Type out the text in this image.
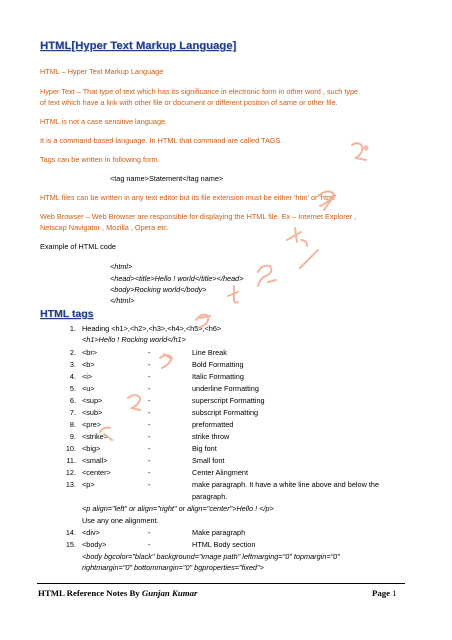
HTML[Hyper Text Markup Language]
HTML – Hyper Text Markup Language
Hyper Text – That type of text which has its significance in electronic form in other word , such type
of text which have a link with other file or document or different position of same or other file.
HTML is not a case sensitive language.
It is a command based language. In HTML that command are called TAGS.
Tags can be written in following form.
<tag name>Statement</tag name>
HTML files can be written in any text editor but its file extension must be either 'htm' or 'html'
Web Browser – Web Browser are responsible for displaying the HTML file. Ex – Internet Explorer ,
Netscap Navigator , Mozilla , Opera etc.
Example of HTML code
<html>
<head><title>Hello ! world</title></head>
<body>Rocking world</body>
</html>
HTML tags
1. Heading <h1>,<h2>,<h3>,<h4>,<h5>,<h6>
<h1>Hello ! Rocking world</h1>
2. <br>	-	Line Break
3. <b>	-	Bold Formatting
4. <i>	-	Italic Formatting
5. <u>	-	underline Formatting
6. <sup>	-	superscript Formatting
7. <sub>	-	subscript Formatting
8. <pre>	-	preformatted
9. <strike>	-	strike throw
10. <big>	-	Big font
11. <small>	-	Small font
12. <center>	-	Center Alingment
13. <p>	-	make paragraph. It have a white line above and below the
paragraph.
<p align="left" or align="right" or align="center">Hello ! </p>
Use any one alignment.
14. <div>	-	Make paragraph
15. <body>	-	HTML Body section
<body bgcolor="black" background="image path" leftmarging="0" topmargin="0"
rightmargin="0" bottommargin="0" bgproperties="fixed">
HTML Reference Notes By Gunjan Kumar	Page 1
